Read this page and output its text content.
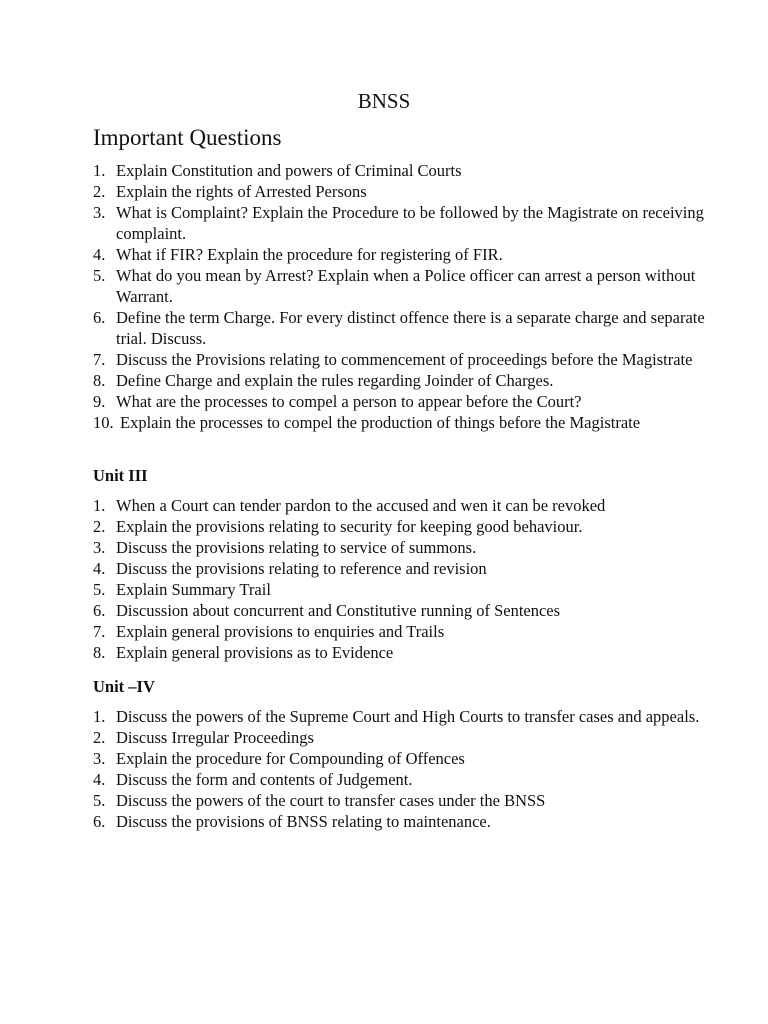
BNSS
Important Questions
1. Explain Constitution and powers of Criminal Courts
2. Explain the rights of Arrested Persons
3. What is Complaint? Explain the Procedure to be followed by the Magistrate on receiving complaint.
4. What if FIR? Explain the procedure for registering of FIR.
5. What do you mean by Arrest? Explain when a Police officer can arrest a person without Warrant.
6. Define the term Charge. For every distinct offence there is a separate charge and separate trial. Discuss.
7. Discuss the Provisions relating to commencement of proceedings before the Magistrate
8. Define Charge and explain the rules regarding Joinder of Charges.
9. What are the processes to compel a person to appear before the Court?
10. Explain the processes to compel the production of things before the Magistrate
Unit III
1. When a Court can tender pardon to the accused and wen it can be revoked
2. Explain the provisions relating to security for keeping good behaviour.
3. Discuss the provisions relating to service of summons.
4. Discuss the provisions relating to reference and revision
5. Explain Summary Trail
6. Discussion about concurrent and Constitutive running of Sentences
7. Explain general provisions to enquiries and Trails
8. Explain general provisions as to Evidence
Unit –IV
1. Discuss the powers of the Supreme Court and High Courts to transfer cases and appeals.
2. Discuss Irregular Proceedings
3. Explain the procedure for Compounding of Offences
4. Discuss the form and contents of Judgement.
5. Discuss the powers of the court to transfer cases under the BNSS
6. Discuss the provisions of BNSS relating to maintenance.
